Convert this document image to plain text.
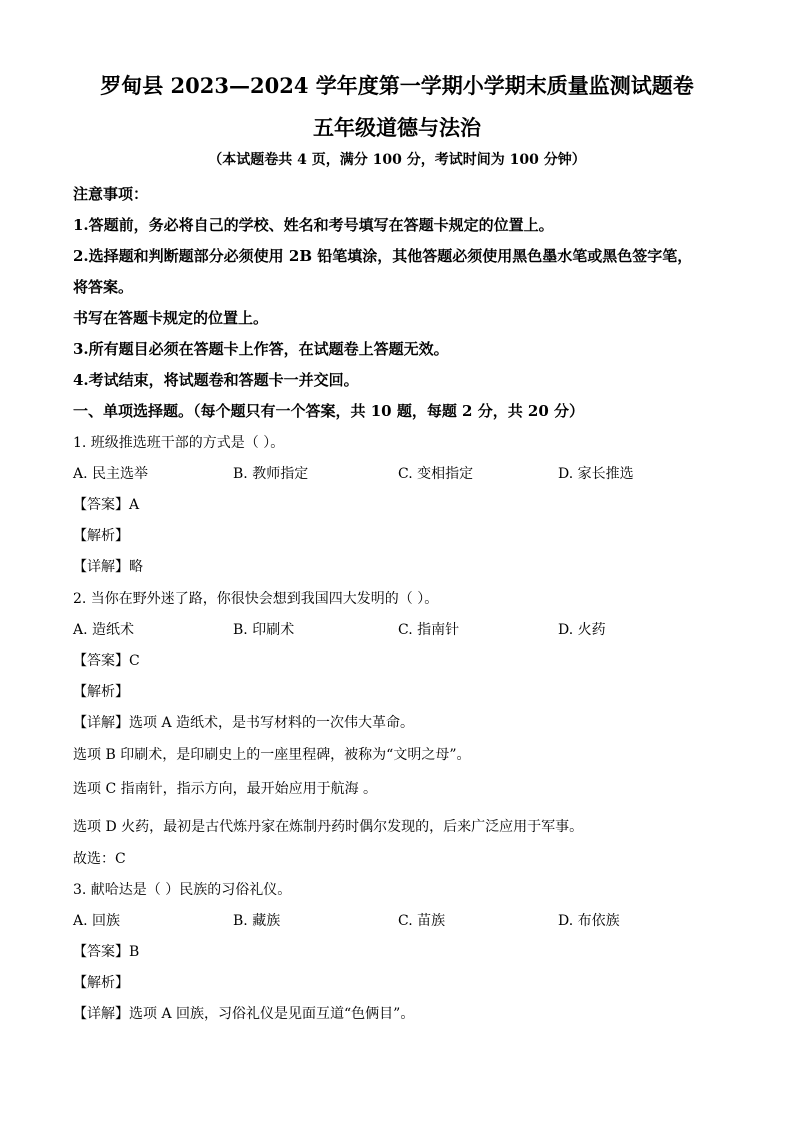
罗甸县 2023—2024 学年度第一学期小学期末质量监测试题卷
五年级道德与法治
（本试题卷共 4 页，满分 100 分，考试时间为 100 分钟）
注意事项：
1.答题前，务必将自己的学校、姓名和考号填写在答题卡规定的位置上。
2.选择题和判断题部分必须使用 2B 铅笔填涂，其他答题必须使用黑色墨水笔或黑色签字笔，
将答案。
书写在答题卡规定的位置上。
3.所有题目必须在答题卡上作答，在试题卷上答题无效。
4.考试结束，将试题卷和答题卡一并交回。
一、单项选择题。（每个题只有一个答案，共 10 题，每题 2 分，共 20 分）
1. 班级推选班干部的方式是（ ）。
A. 民主选举	B. 教师指定	C. 变相指定	D. 家长推选
【答案】A
【解析】
【详解】略
2. 当你在野外迷了路，你很快会想到我国四大发明的（ ）。
A. 造纸术	B. 印刷术	C. 指南针	D. 火药
【答案】C
【解析】
【详解】选项 A 造纸术，是书写材料的一次伟大革命。
选项 B 印刷术，是印刷史上的一座里程碑，被称为“文明之母”。
选项 C 指南针，指示方向，最开始应用于航海 。
选项 D 火药，最初是古代炼丹家在炼制丹药时偶尔发现的，后来广泛应用于军事。
故选：C
3. 献哈达是（ ）民族的习俗礼仪。
A. 回族	B. 藏族	C. 苗族	D. 布依族
【答案】B
【解析】
【详解】选项 A 回族，习俗礼仪是见面互道“色俩目”。
